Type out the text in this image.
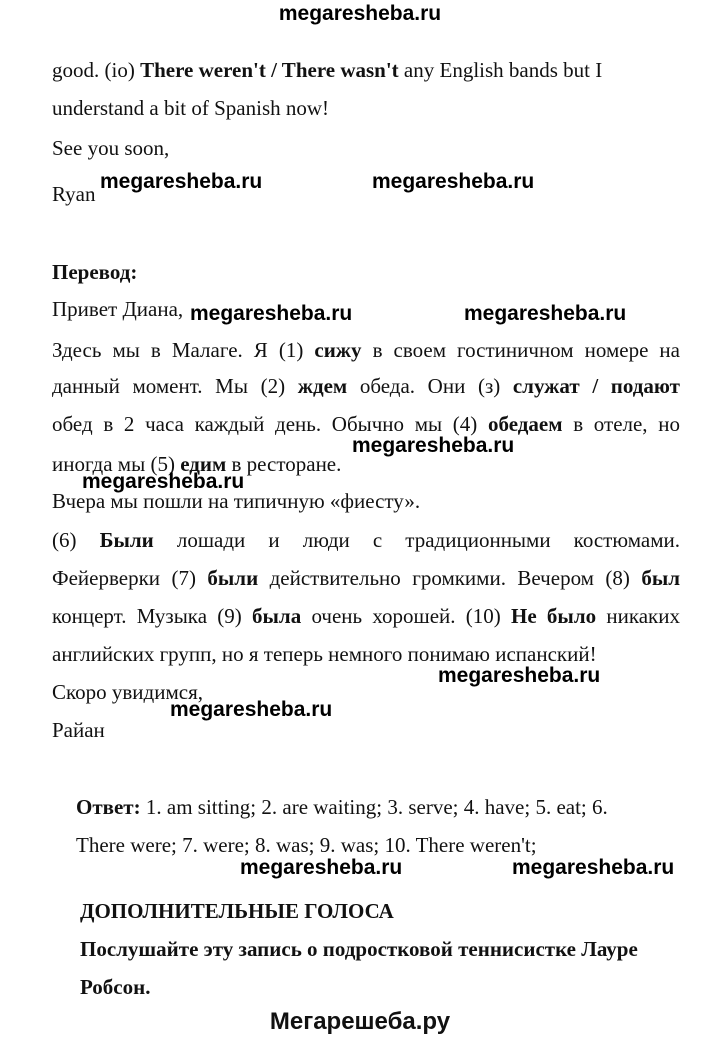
megaresheba.ru
good. (io) There weren't / There wasn't any English bands but I
understand a bit of Spanish now!
See you soon,
Ryan
megaresheba.ru	megaresheba.ru
Перевод:
Привет Диана, megaresheba.ru	megaresheba.ru
Здесь мы в Малаге. Я (1) сижу в своем гостиничном номере на
данный момент. Мы (2) ждем обеда. Они (з) служат / подают
обед в 2 часа каждый день. Обычно мы (4) обедаем в отеле, но
megaresheba.ru
иногда мы (5) едим в ресторане.
megaresheba.ru
Вчера мы пошли на типичную «фиесту».
(6) Были лошади и люди с традиционными костюмами.
Фейерверки (7) были действительно громкими. Вечером (8) был
концерт. Музыка (9) была очень хорошей. (10) Не было никаких
английских групп, но я теперь немного понимаю испанский!
megaresheba.ru
Скоро увидимся,
megaresheba.ru
Райан
Ответ: 1. am sitting; 2. are waiting; 3. serve; 4. have; 5. eat; 6.
There were; 7. were; 8. was; 9. was; 10. There weren't;
megaresheba.ru	megaresheba.ru
ДОПОЛНИТЕЛЬНЫЕ ГОЛОСА
Послушайте эту запись о подростковой теннисистке Лауре
Робсон.
Мегарешеба.ру
